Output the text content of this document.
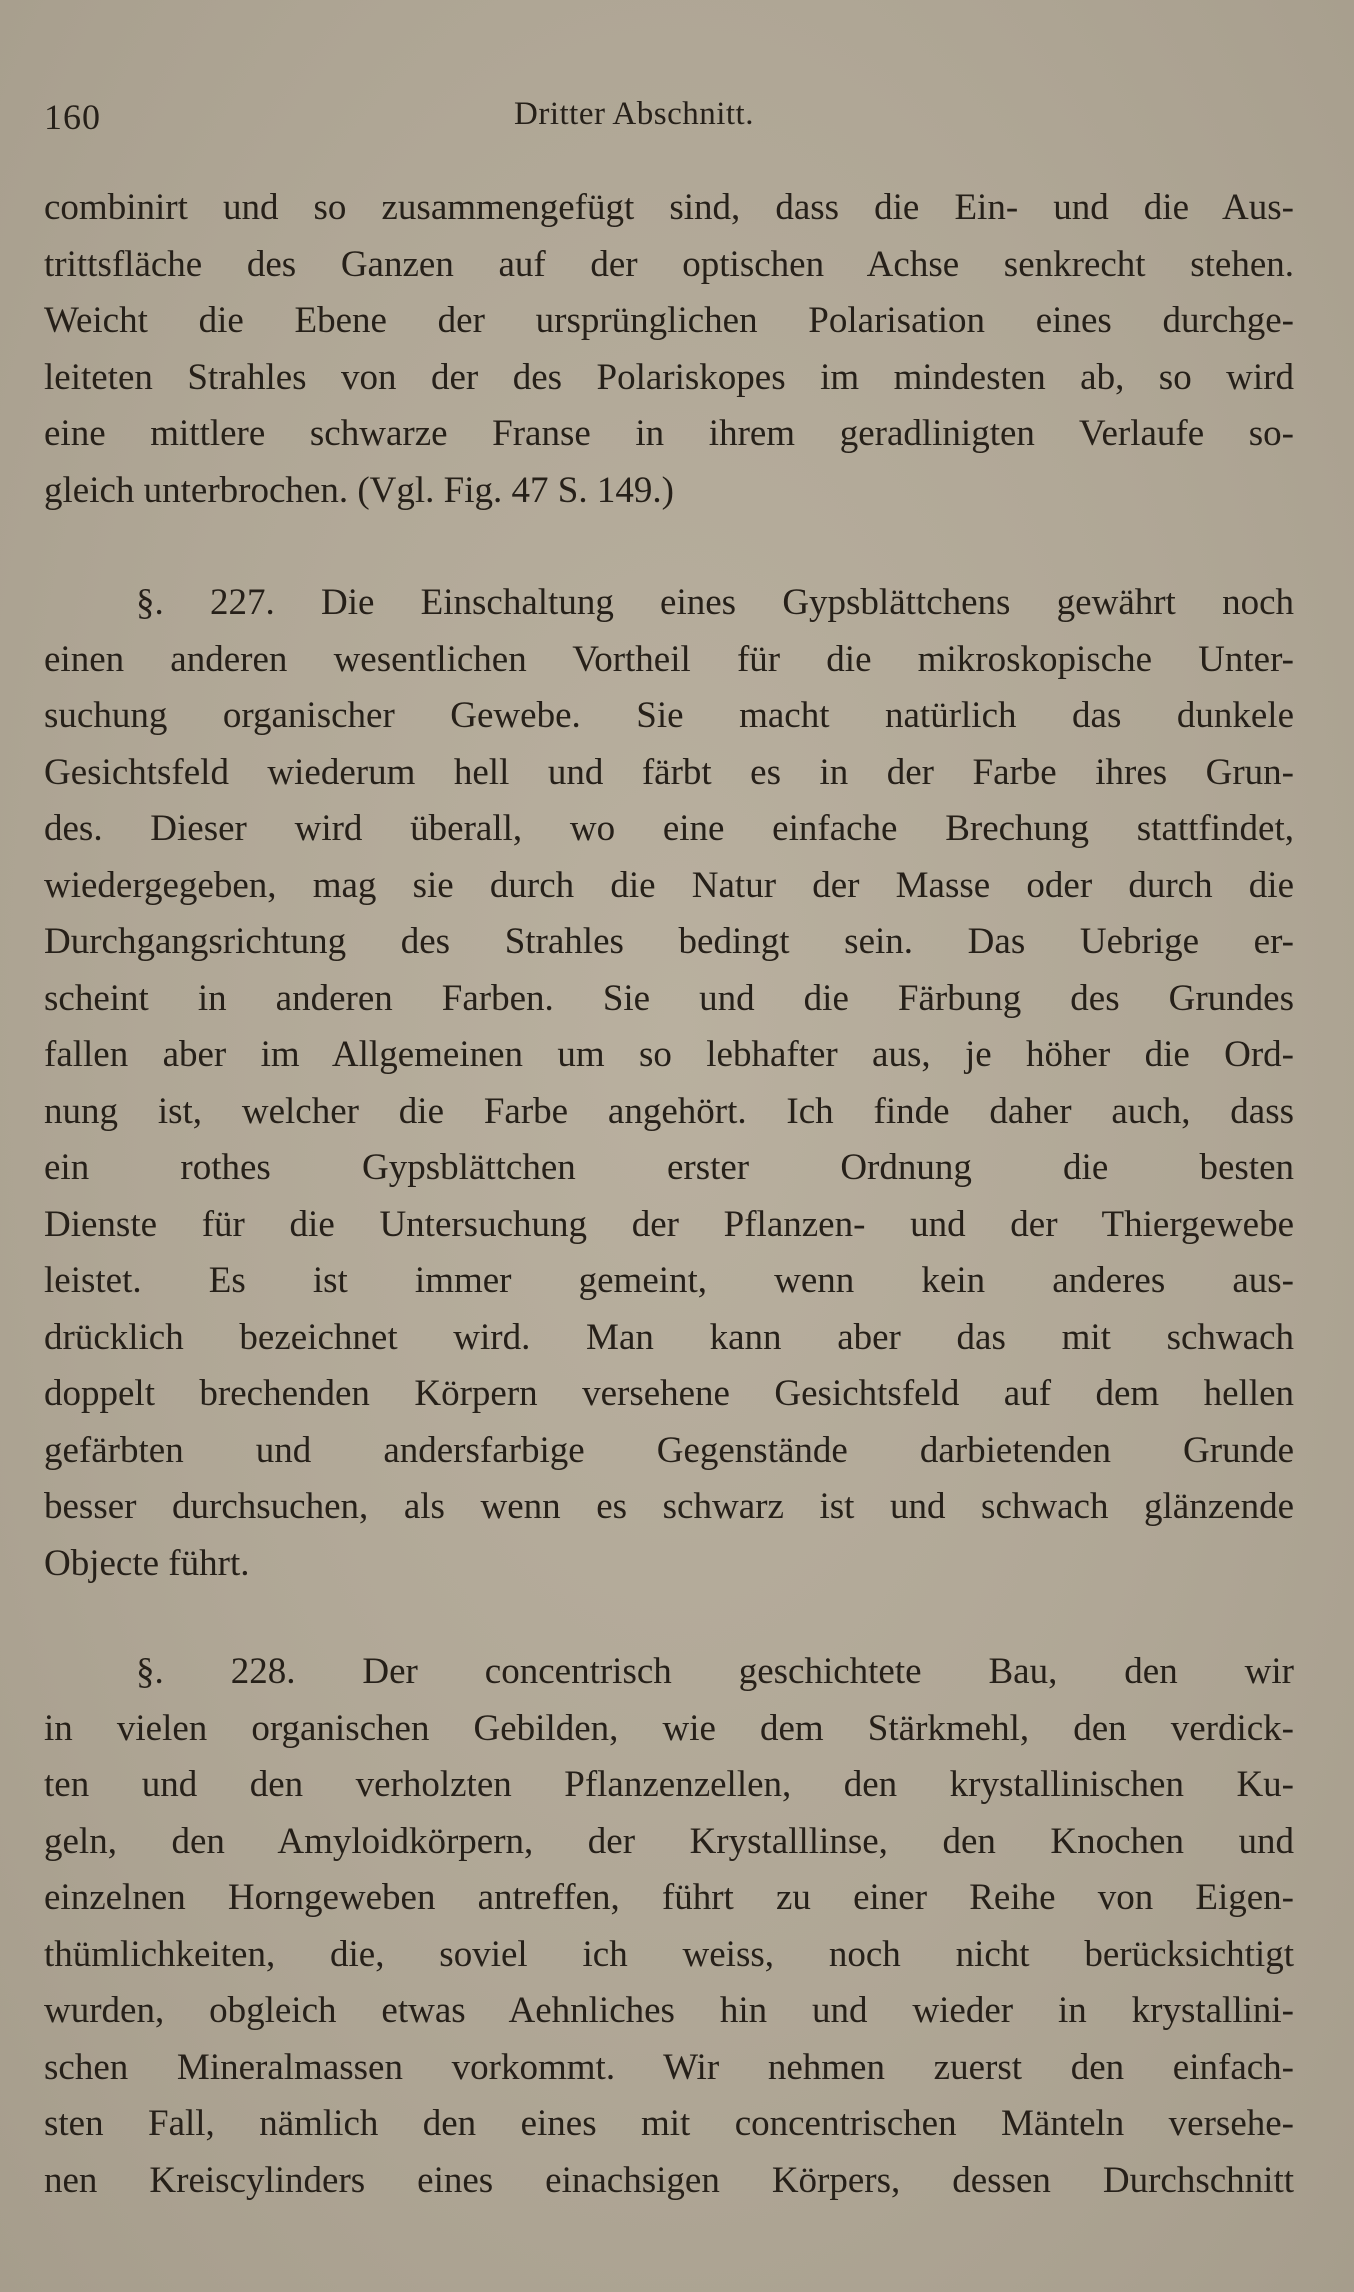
160	Dritter Abschnitt.
combinirt und so zusammengefügt sind, dass die Ein- und die Aus-
trittsfläche des Ganzen auf der optischen Achse senkrecht stehen.
Weicht die Ebene der ursprünglichen Polarisation eines durchge-
leiteten Strahles von der des Polariskopes im mindesten ab, so wird
eine mittlere schwarze Franse in ihrem geradlinigten Verlaufe so-
gleich unterbrochen. (Vgl. Fig. 47 S. 149.)
§. 227. Die Einschaltung eines Gypsblättchens gewährt noch
einen anderen wesentlichen Vortheil für die mikroskopische Unter-
suchung organischer Gewebe. Sie macht natürlich das dunkele
Gesichtsfeld wiederum hell und färbt es in der Farbe ihres Grun-
des. Dieser wird überall, wo eine einfache Brechung stattfindet,
wiedergegeben, mag sie durch die Natur der Masse oder durch die
Durchgangsrichtung des Strahles bedingt sein. Das Uebrige er-
scheint in anderen Farben. Sie und die Färbung des Grundes
fallen aber im Allgemeinen um so lebhafter aus, je höher die Ord-
nung ist, welcher die Farbe angehört. Ich finde daher auch, dass
ein rothes Gypsblättchen erster Ordnung die besten
Dienste für die Untersuchung der Pflanzen- und der Thiergewebe
leistet. Es ist immer gemeint, wenn kein anderes aus-
drücklich bezeichnet wird. Man kann aber das mit schwach
doppelt brechenden Körpern versehene Gesichtsfeld auf dem hellen
gefärbten und andersfarbige Gegenstände darbietenden Grunde
besser durchsuchen, als wenn es schwarz ist und schwach glänzende
Objecte führt.
§. 228. Der concentrisch geschichtete Bau, den wir
in vielen organischen Gebilden, wie dem Stärkmehl, den verdick-
ten und den verholzten Pflanzenzellen, den krystallinischen Ku-
geln, den Amyloidkörpern, der Krystalllinse, den Knochen und
einzelnen Horngeweben antreffen, führt zu einer Reihe von Eigen-
thümlichkeiten, die, soviel ich weiss, noch nicht berücksichtigt
wurden, obgleich etwas Aehnliches hin und wieder in krystallini-
schen Mineralmassen vorkommt. Wir nehmen zuerst den einfach-
sten Fall, nämlich den eines mit concentrischen Mänteln versehe-
nen Kreiscylinders eines einachsigen Körpers, dessen Durchschnitt
